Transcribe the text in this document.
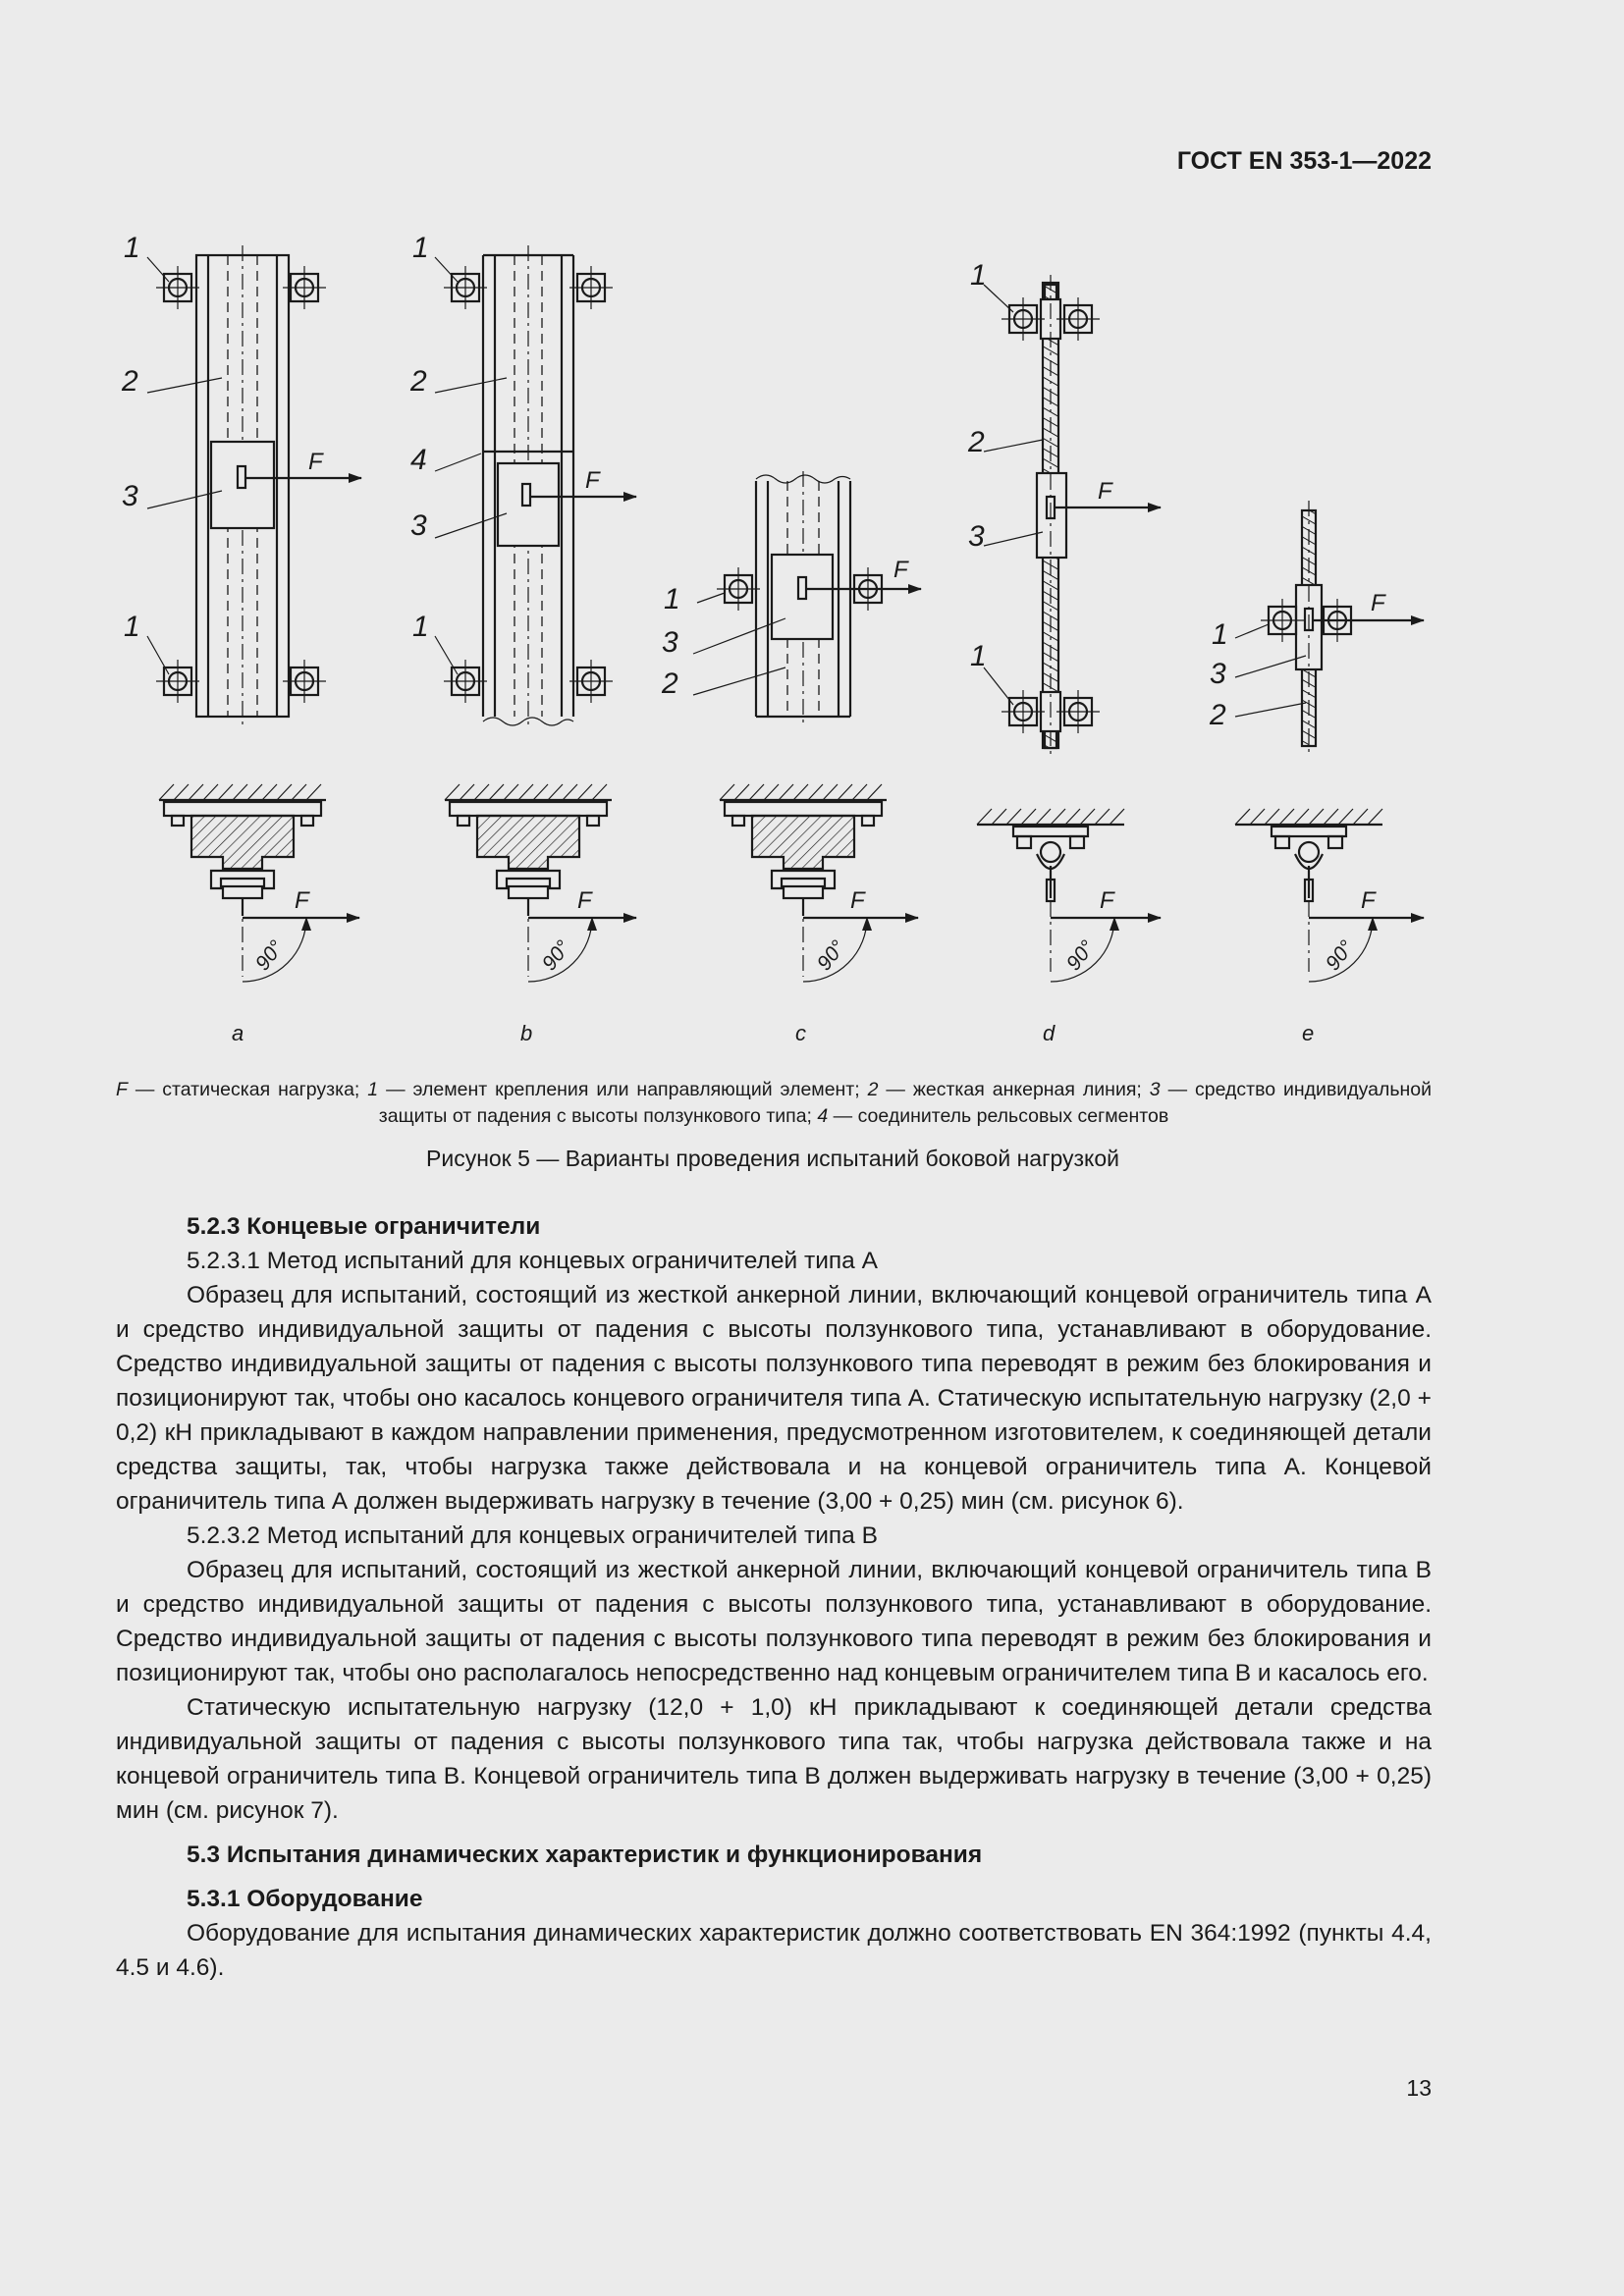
ГОСТ EN 353-1—2022
1
2
3
1
F
F
90°
a
1
2
4
3
1
F
F
90°
b
1
3
2
F
F
90°
c
1
2
3
1
F
F
90°
d
1
3
2
F
F
90°
e
F — статическая нагрузка; 1 — элемент крепления или направляющий элемент; 2 — жесткая анкерная линия; 3 — средство индивидуальной защиты от падения с высоты ползункового типа; 4 — соединитель рельсовых сегментов
Рисунок 5 — Варианты проведения испытаний боковой нагрузкой

5.2.3 Концевые ограничители

5.2.3.1 Метод испытаний для концевых ограничителей типа А

Образец для испытаний, состоящий из жесткой анкерной линии, включающий концевой ограничитель типа А и средство индивидуальной защиты от падения с высоты ползункового типа, устанавливают в оборудование. Средство индивидуальной защиты от падения с высоты ползункового типа переводят в режим без блокирования и позиционируют так, чтобы оно касалось концевого ограничителя типа А. Статическую испытательную нагрузку (2,0 + 0,2) кН прикладывают в каждом направлении применения, предусмотренном изготовителем, к соединяющей детали средства защиты, так, чтобы нагрузка также действовала и на концевой ограничитель типа А. Концевой ограничитель типа А должен выдерживать нагрузку в течение (3,00 + 0,25) мин (см. рисунок 6).

5.2.3.2 Метод испытаний для концевых ограничителей типа В

Образец для испытаний, состоящий из жесткой анкерной линии, включающий концевой ограничитель типа В и средство индивидуальной защиты от падения с высоты ползункового типа, устанавливают в оборудование. Средство индивидуальной защиты от падения с высоты ползункового типа переводят в режим без блокирования и позиционируют так, чтобы оно располагалось непосредственно над концевым ограничителем типа В и касалось его.

Статическую испытательную нагрузку (12,0 + 1,0) кН прикладывают к соединяющей детали средства индивидуальной защиты от падения с высоты ползункового типа так, чтобы нагрузка действовала также и на концевой ограничитель типа В. Концевой ограничитель типа В должен выдерживать нагрузку в течение (3,00 + 0,25) мин (см. рисунок 7).

5.3 Испытания динамических характеристик и функционирования

5.3.1 Оборудование

Оборудование для испытания динамических характеристик должно соответствовать EN 364:1992 (пункты 4.4, 4.5 и 4.6).

13
